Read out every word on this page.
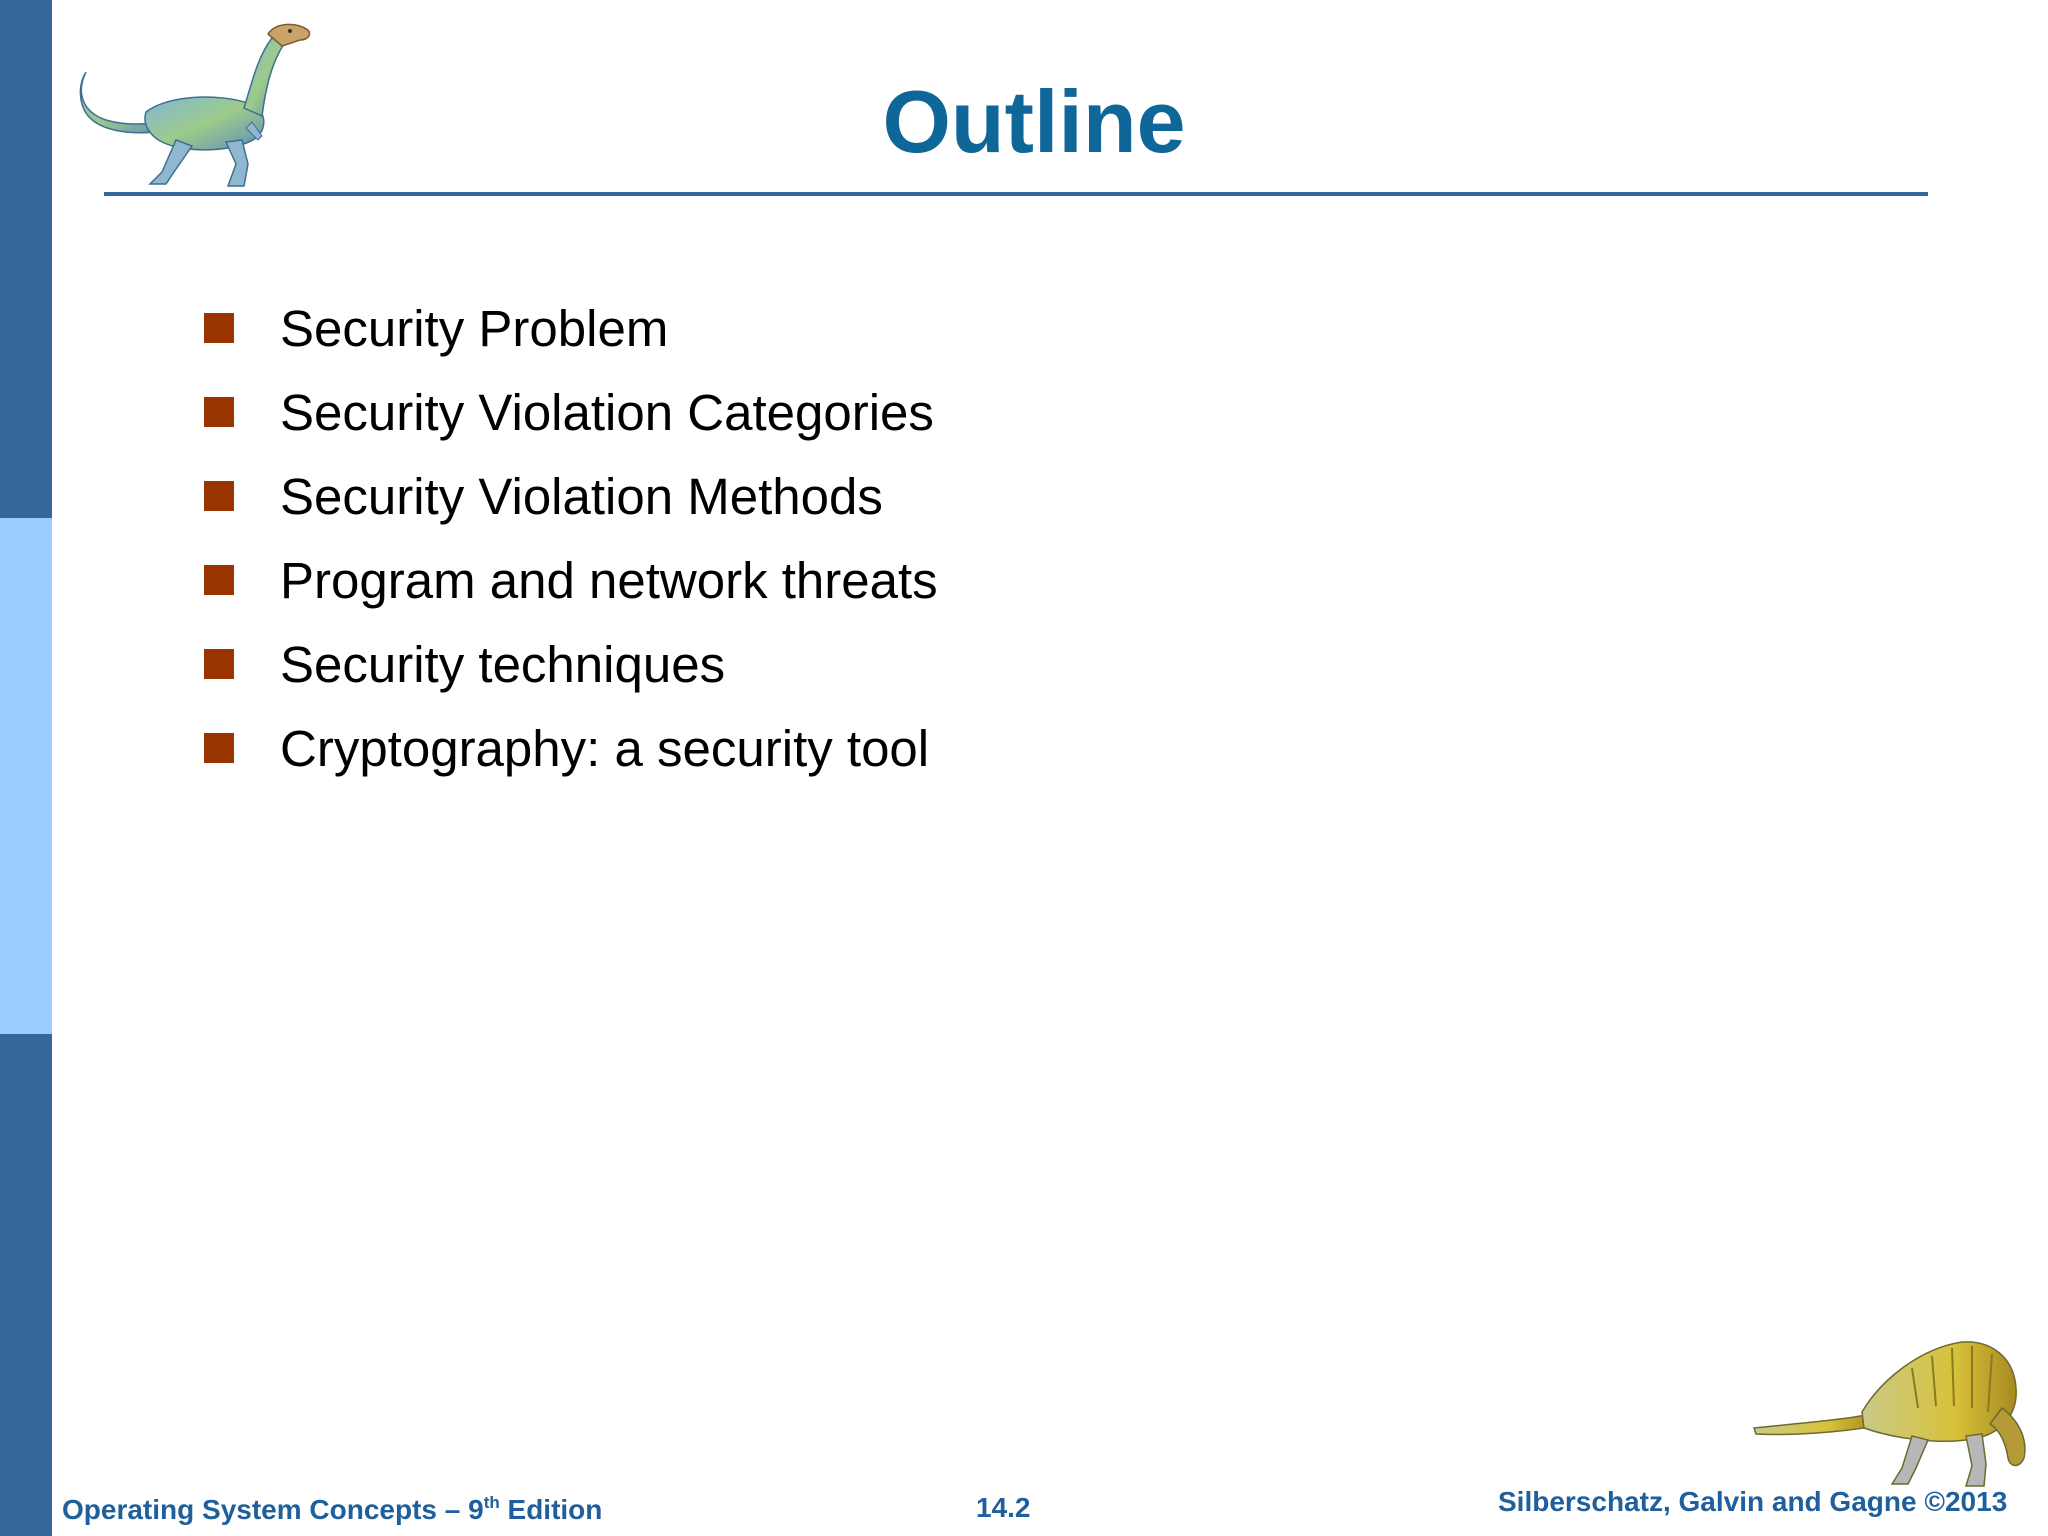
Outline
Security Problem
Security Violation Categories
Security Violation Methods
Program and network threats
Security techniques
Cryptography: a security tool
Operating System Concepts – 9th Edition	14.2	Silberschatz, Galvin and Gagne ©2013
